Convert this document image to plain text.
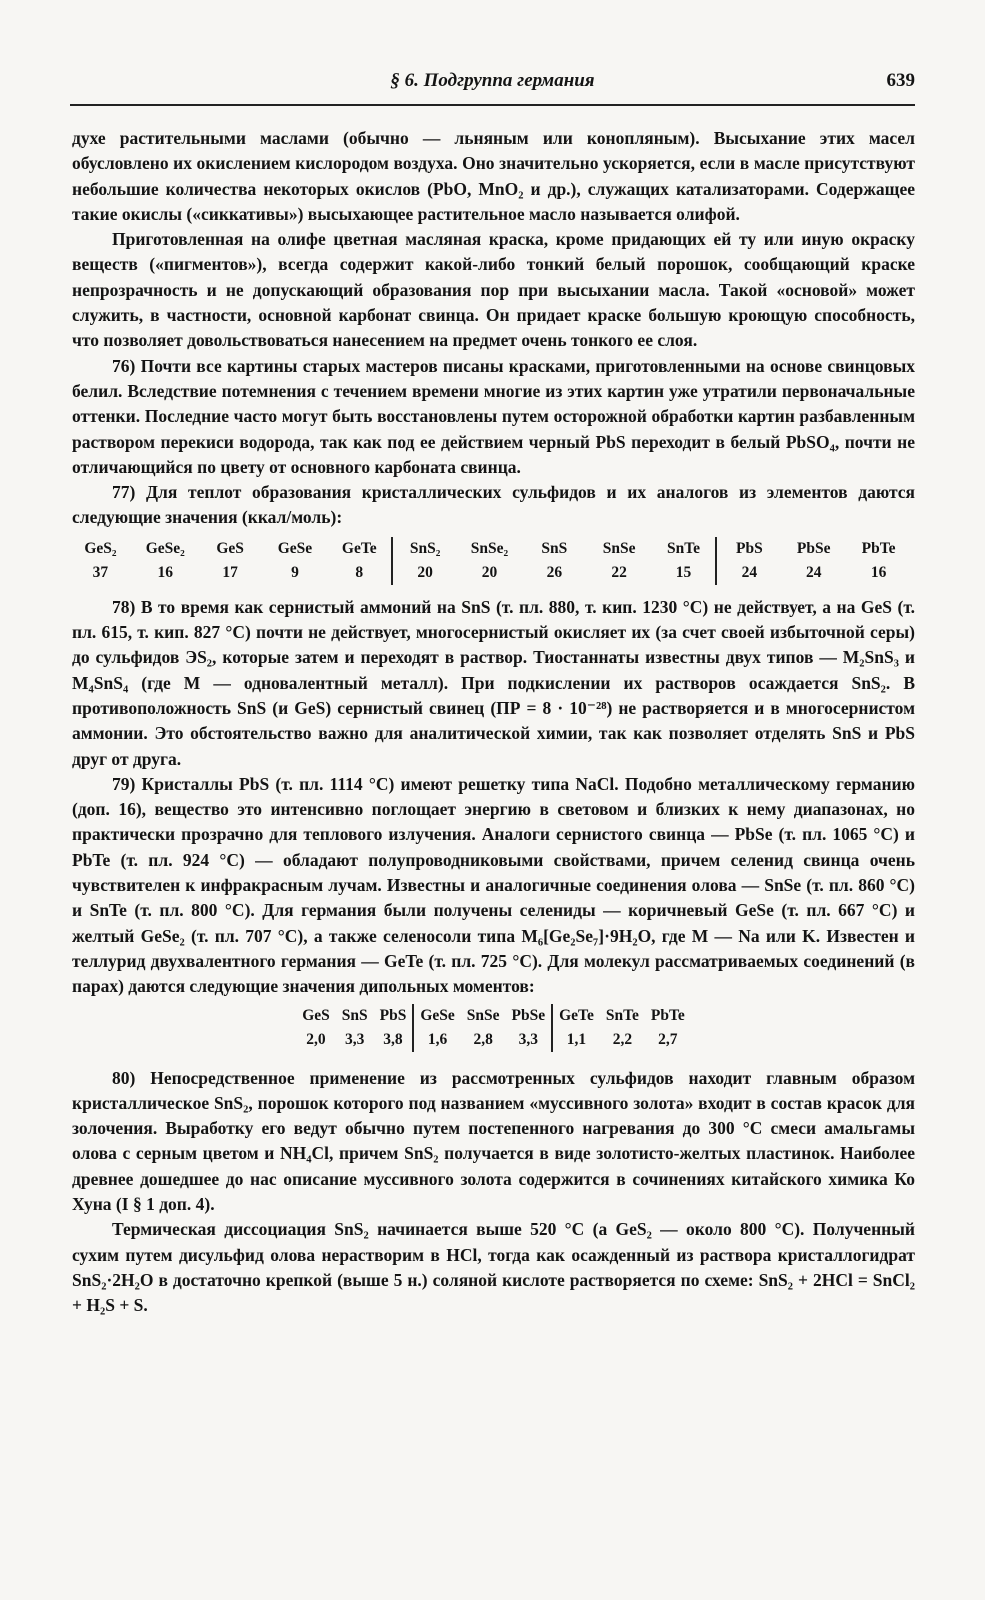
§ 6. Подгруппа германия	639

духе растительными маслами (обычно — льняным или конопляным). Высыхание этих масел обусловлено их окислением кислородом воздуха. Оно значительно ускоряется, если в масле присутствуют небольшие количества некоторых окислов (PbO, MnO₂ и др.), служащих катализаторами. Содержащее такие окислы («сиккативы») высыхающее растительное масло называется олифой.

Приготовленная на олифе цветная масляная краска, кроме придающих ей ту или иную окраску веществ («пигментов»), всегда содержит какой-либо тонкий белый порошок, сообщающий краске непрозрачность и не допускающий образования пор при высыхании масла. Такой «основой» может служить, в частности, основной карбонат свинца. Он придает краске большую кроющую способность, что позволяет довольствоваться нанесением на предмет очень тонкого ее слоя.

76) Почти все картины старых мастеров писаны красками, приготовленными на основе свинцовых белил. Вследствие потемнения с течением времени многие из этих картин уже утратили первоначальные оттенки. Последние часто могут быть восстановлены путем осторожной обработки картин разбавленным раствором перекиси водорода, так как под ее действием черный PbS переходит в белый PbSO₄, почти не отличающийся по цвету от основного карбоната свинца.

77) Для теплот образования кристаллических сульфидов и их аналогов из элементов даются следующие значения (ккал/моль):

GeS₂	GeSe₂	GeS	GeSe	GeTe	SnS₂	SnSe₂	SnS	SnSe	SnTe	PbS	PbSe	PbTe
37	16	17	9	8	20	20	26	22	15	24	24	16

78) В то время как сернистый аммоний на SnS (т. пл. 880, т. кип. 1230 °C) не действует, а на GeS (т. пл. 615, т. кип. 827 °C) почти не действует, многосернистый окисляет их (за счет своей избыточной серы) до сульфидов ЭS₂, которые затем и переходят в раствор. Тиостаннаты известны двух типов — M₂SnS₃ и M₄SnS₄ (где M — одновалентный металл). При подкислении их растворов осаждается SnS₂. В противоположность SnS (и GeS) сернистый свинец (ПР = 8 · 10⁻²⁸) не растворяется и в многосернистом аммонии. Это обстоятельство важно для аналитической химии, так как позволяет отделять SnS и PbS друг от друга.

79) Кристаллы PbS (т. пл. 1114 °C) имеют решетку типа NaCl. Подобно металлическому германию (доп. 16), вещество это интенсивно поглощает энергию в световом и близких к нему диапазонах, но практически прозрачно для теплового излучения. Аналоги сернистого свинца — PbSe (т. пл. 1065 °C) и PbTe (т. пл. 924 °C) — обладают полупроводниковыми свойствами, причем селенид свинца очень чувствителен к инфракрасным лучам. Известны и аналогичные соединения олова — SnSe (т. пл. 860 °C) и SnTe (т. пл. 800 °C). Для германия были получены селениды — коричневый GeSe (т. пл. 667 °C) и желтый GeSe₂ (т. пл. 707 °C), а также селеносоли типа M₆[Ge₂Se₇]·9H₂O, где M — Na или K. Известен и теллурид двухвалентного германия — GeTe (т. пл. 725 °C). Для молекул рассматриваемых соединений (в парах) даются следующие значения дипольных моментов:

GeS	SnS	PbS	GeSe	SnSe	PbSe	GeTe	SnTe	PbTe
2,0	3,3	3,8	1,6	2,8	3,3	1,1	2,2	2,7

80) Непосредственное применение из рассмотренных сульфидов находит главным образом кристаллическое SnS₂, порошок которого под названием «муссивного золота» входит в состав красок для золочения. Выработку его ведут обычно путем постепенного нагревания до 300 °C смеси амальгамы олова с серным цветом и NH₄Cl, причем SnS₂ получается в виде золотисто-желтых пластинок. Наиболее древнее дошедшее до нас описание муссивного золота содержится в сочинениях китайского химика Ко Хуна (I § 1 доп. 4).

Термическая диссоциация SnS₂ начинается выше 520 °C (а GeS₂ — около 800 °C). Полученный сухим путем дисульфид олова нерастворим в HCl, тогда как осажденный из раствора кристаллогидрат SnS₂·2H₂O в достаточно крепкой (выше 5 н.) соляной кислоте растворяется по схеме: SnS₂ + 2HCl = SnCl₂ + H₂S + S.
